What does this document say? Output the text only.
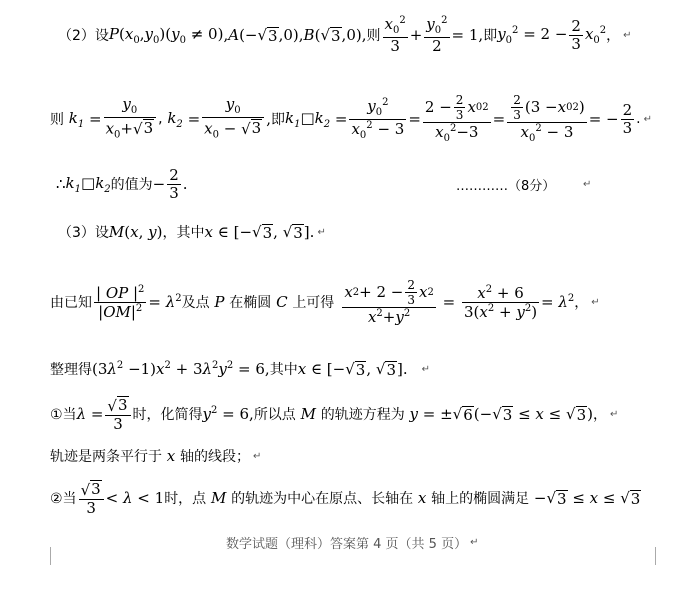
（2）设 $P(x_0,y_0)(y_0 \ne 0)$ , A(− √ 3 ,0) , B( √ 3 ,0) , 则 $\frac{x_0^2}{3} + \frac{y_0^2}{2} = 1$, 即 $y_0^2 = 2 - \frac{2}{3} x_0^2$ ， ↵
则 $k_1 = \frac{y_0}{x_0+ √ 3}$ , $k_2 = \frac{y_0}{x_0 - √ 3}$ , 即 $k_1□k_2 = \frac{y_0^2}{x_0^2 - 3} = \frac{2 - \frac{2}{3} x 0 2}{x_0^2-3} = \frac{\frac{2}{3} (3 - x 0 2 )}{x_0^2 - 3}$ = − $\frac{2}{3}$ . ↵
∴ $k_1□k_2$ 的值为 − $\frac{2}{3}$ .	…………（8分）	↵
（3）设 M(x, y) ，其中 x ∈ [− √ 3 , √ 3 ] . ↵
由已知 $\frac{| OP |^2}{|OM|^2} = \lambda^2$ 及点 P 在椭圆 C 上可得 $\frac{x 2 + 2 - \frac{2}{3} x 2}{x^2+y^2} = \frac{x^2 + 6}{3(x^2 + y^2)} = \lambda^2$ ， ↵
整理得 $(3\lambda^2 -1)x^2 + 3\lambda^2y^2 = 6$, 其中 x ∈ [− √ 3 , √ 3 ] . ↵
①当 $\lambda = \frac{√ 3}{3}$ 时，化简得 $y^2 = 6$, 所以点 M 的轨迹方程为 y = ± √ 6 (− √ 3 ≤ x ≤ √ 3 ) ， ↵
轨迹是两条平行于 x 轴的线段； ↵
②当 $\frac{√ 3}{3} < \lambda < 1$ 时，点 M 的轨迹为中心在原点、长轴在 x 轴上的椭圆满足 − √ 3 ≤ x ≤ √ 3
数学试题（理科）答案第 4 页（共 5 页） ↵
